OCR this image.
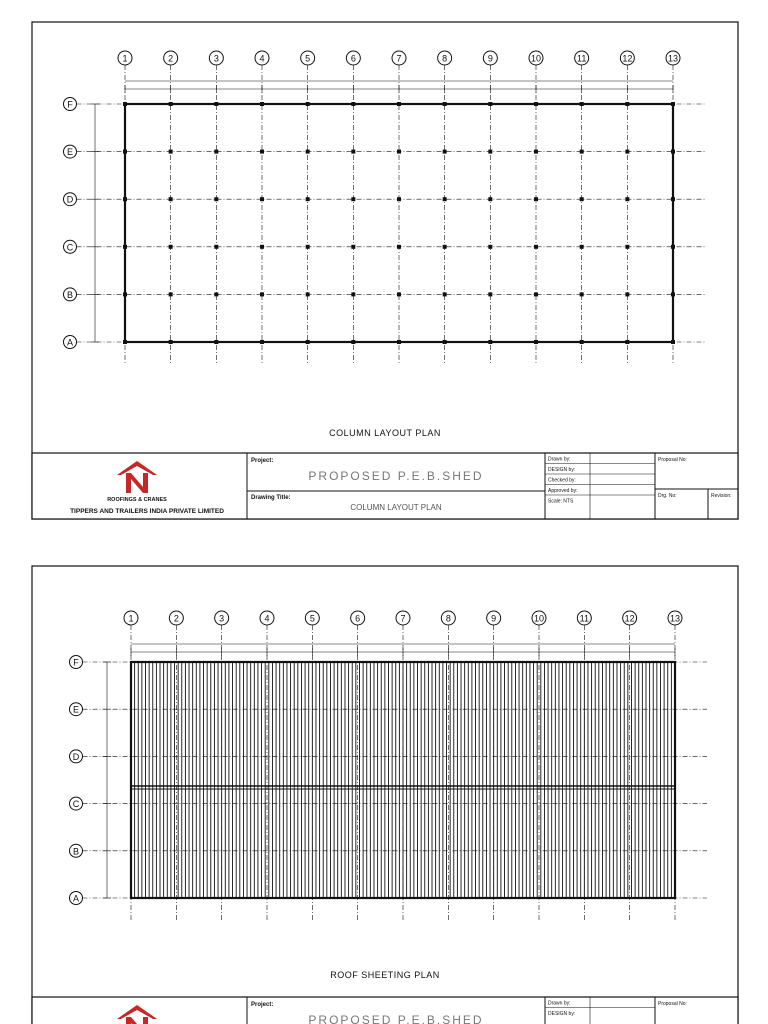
1	2	3	4	5	6	7	8	9	10	11	12	13
F
E
D
C
B
A
COLUMN LAYOUT PLAN
ROOFINGS & CRANES
TIPPERS AND TRAILERS INDIA PRIVATE LIMITED
Project:
PROPOSED P.E.B.SHED
Drawing Title:
COLUMN LAYOUT PLAN
Drawn by:
DESIGN by:
Checked by:
Approved by:
Scale: NTS
Proposal No:
Drg. No:	Revision:
1	2	3	4	5	6	7	8	9	10	11	12	13
F
E
D
C
B
A
ROOF SHEETING PLAN
Project:
PROPOSED P.E.B.SHED
Drawn by:
DESIGN by:
Proposal No:
